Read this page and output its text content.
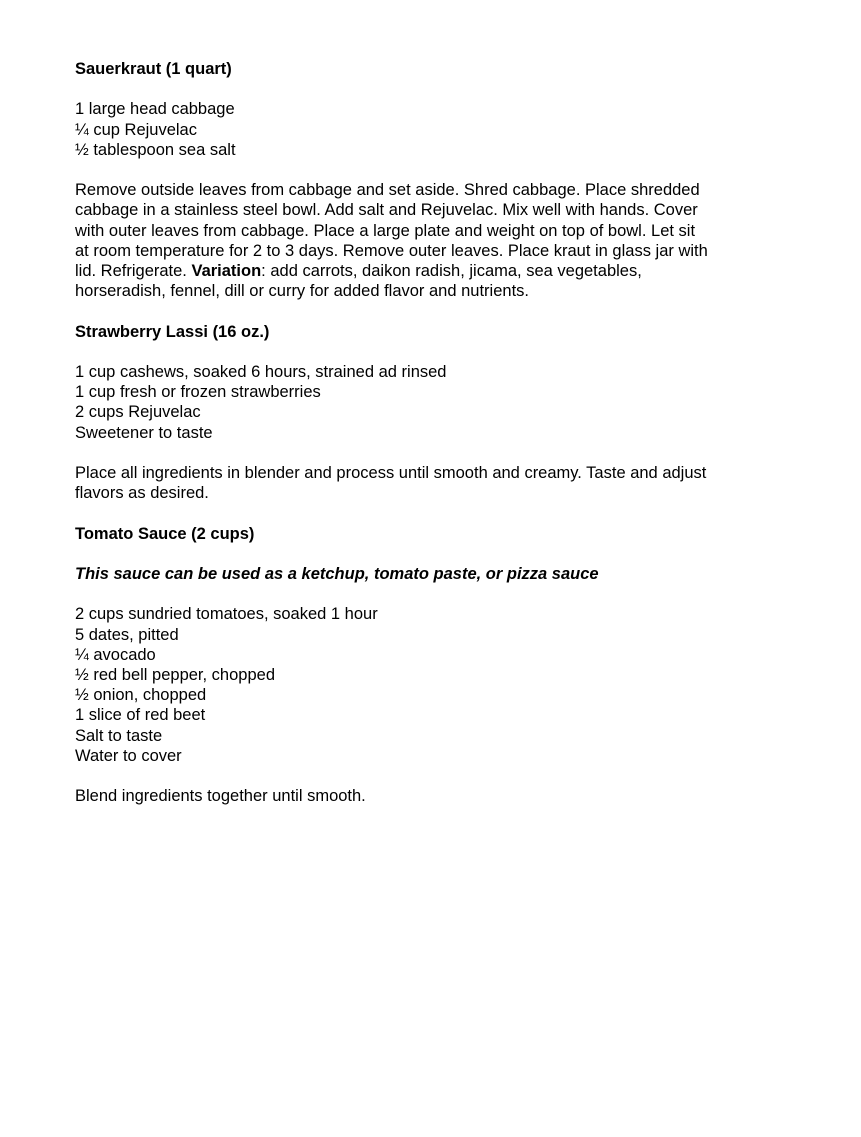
Sauerkraut (1 quart)

1 large head cabbage

¼ cup Rejuvelac

½ tablespoon sea salt

Remove outside leaves from cabbage and set aside. Shred cabbage. Place shredded
cabbage in a stainless steel bowl. Add salt and Rejuvelac. Mix well with hands. Cover
with outer leaves from cabbage. Place a large plate and weight on top of bowl. Let sit
at room temperature for 2 to 3 days. Remove outer leaves. Place kraut in glass jar with
lid. Refrigerate. Variation: add carrots, daikon radish, jicama, sea vegetables,
horseradish, fennel, dill or curry for added flavor and nutrients.

Strawberry Lassi (16 oz.)

1 cup cashews, soaked 6 hours, strained ad rinsed

1 cup fresh or frozen strawberries

2 cups Rejuvelac

Sweetener to taste

Place all ingredients in blender and process until smooth and creamy. Taste and adjust
flavors as desired.

Tomato Sauce (2 cups)

This sauce can be used as a ketchup, tomato paste, or pizza sauce

2 cups sundried tomatoes, soaked 1 hour

5 dates, pitted

¼ avocado

½ red bell pepper, chopped

½ onion, chopped

1 slice of red beet

Salt to taste

Water to cover

Blend ingredients together until smooth.
